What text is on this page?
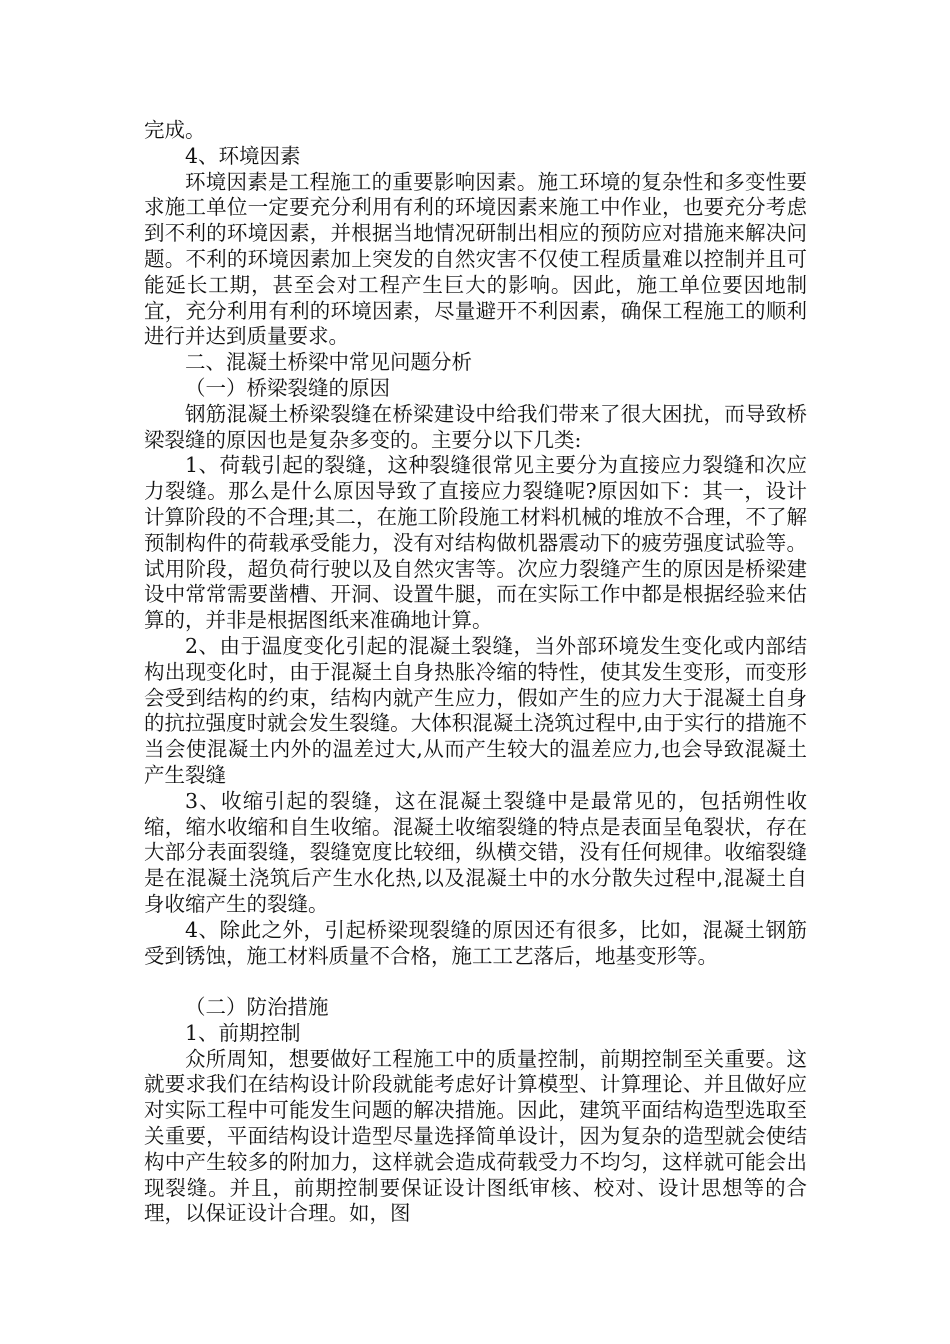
完成。

4、环境因素

环境因素是工程施工的重要影响因素。施工环境的复杂性和多变性要求施工单位一定要充分利用有利的环境因素来施工中作业，也要充分考虑到不利的环境因素，并根据当地情况研制出相应的预防应对措施来解决问题。不利的环境因素加上突发的自然灾害不仅使工程质量难以控制并且可能延长工期，甚至会对工程产生巨大的影响。因此，施工单位要因地制宜，充分利用有利的环境因素，尽量避开不利因素，确保工程施工的顺利进行并达到质量要求。

二、混凝土桥梁中常见问题分析

（一）桥梁裂缝的原因

钢筋混凝土桥梁裂缝在桥梁建设中给我们带来了很大困扰，而导致桥梁裂缝的原因也是复杂多变的。主要分以下几类:

1、荷载引起的裂缝，这种裂缝很常见主要分为直接应力裂缝和次应力裂缝。那么是什么原因导致了直接应力裂缝呢?原因如下：其一，设计计算阶段的不合理;其二，在施工阶段施工材料机械的堆放不合理，不了解预制构件的荷载承受能力，没有对结构做机器震动下的疲劳强度试验等。试用阶段，超负荷行驶以及自然灾害等。次应力裂缝产生的原因是桥梁建设中常常需要凿槽、开洞、设置牛腿，而在实际工作中都是根据经验来估算的，并非是根据图纸来准确地计算。

2、由于温度变化引起的混凝土裂缝，当外部环境发生变化或内部结构出现变化时，由于混凝土自身热胀冷缩的特性，使其发生变形，而变形会受到结构的约束，结构内就产生应力，假如产生的应力大于混凝土自身的抗拉强度时就会发生裂缝。大体积混凝土浇筑过程中,由于实行的措施不当会使混凝土内外的温差过大,从而产生较大的温差应力,也会导致混凝土产生裂缝

3、收缩引起的裂缝，这在混凝土裂缝中是最常见的，包括朔性收缩，缩水收缩和自生收缩。混凝土收缩裂缝的特点是表面呈龟裂状，存在大部分表面裂缝，裂缝宽度比较细，纵横交错，没有任何规律。收缩裂缝是在混凝土浇筑后产生水化热,以及混凝土中的水分散失过程中,混凝土自身收缩产生的裂缝。

4、除此之外，引起桥梁现裂缝的原因还有很多，比如，混凝土钢筋受到锈蚀，施工材料质量不合格，施工工艺落后，地基变形等。

（二）防治措施

1、前期控制

众所周知，想要做好工程施工中的质量控制，前期控制至关重要。这就要求我们在结构设计阶段就能考虑好计算模型、计算理论、并且做好应对实际工程中可能发生问题的解决措施。因此，建筑平面结构造型选取至关重要，平面结构设计造型尽量选择简单设计，因为复杂的造型就会使结构中产生较多的附加力，这样就会造成荷载受力不均匀，这样就可能会出现裂缝。并且，前期控制要保证设计图纸审核、校对、设计思想等的合理，以保证设计合理。如，图
